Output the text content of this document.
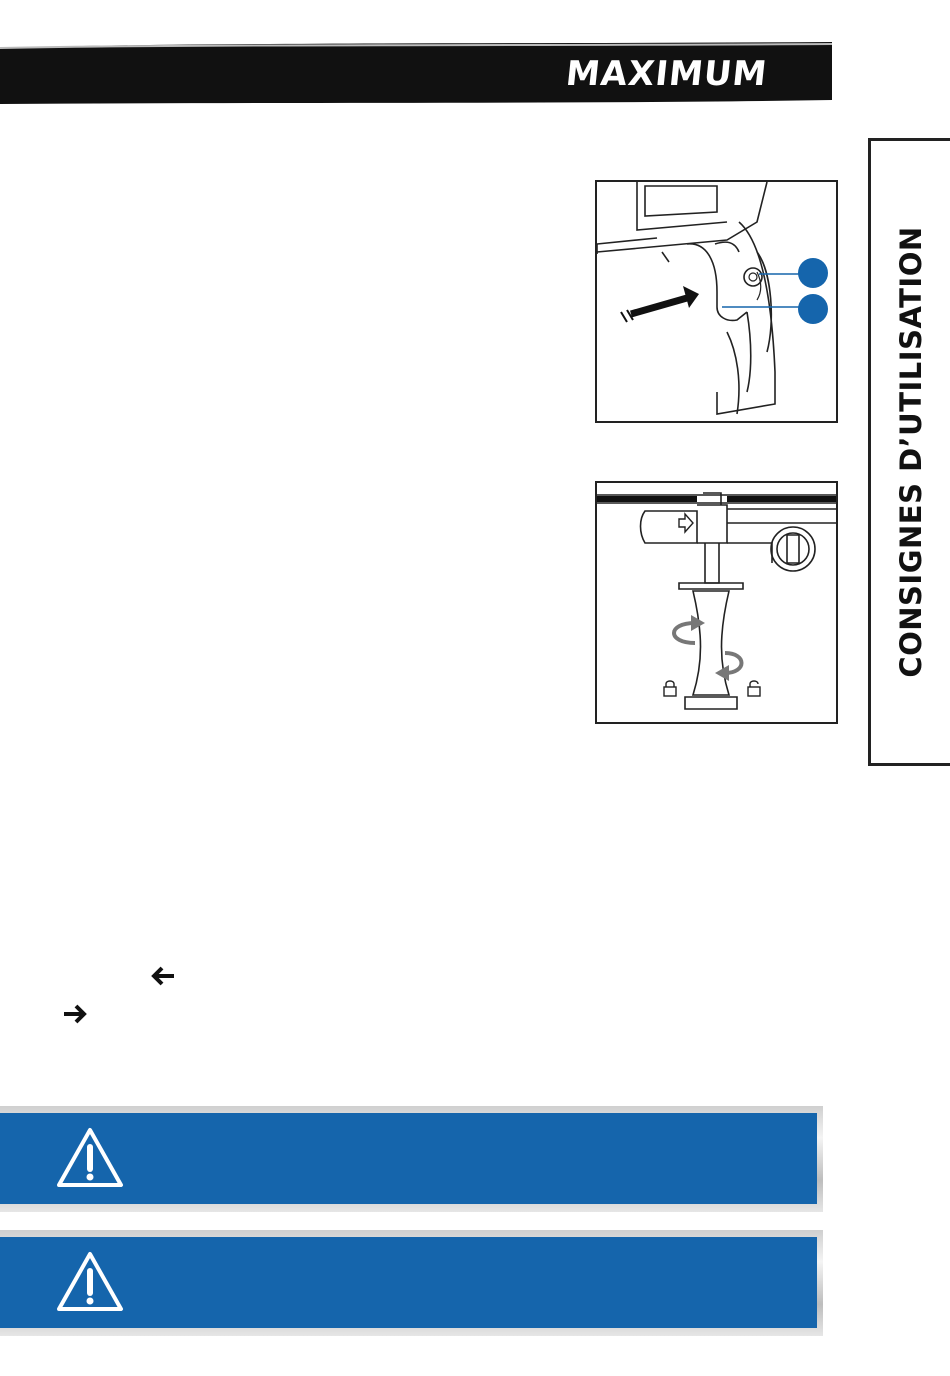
MAXIMUM
CONSIGNES D’UTILISATION
